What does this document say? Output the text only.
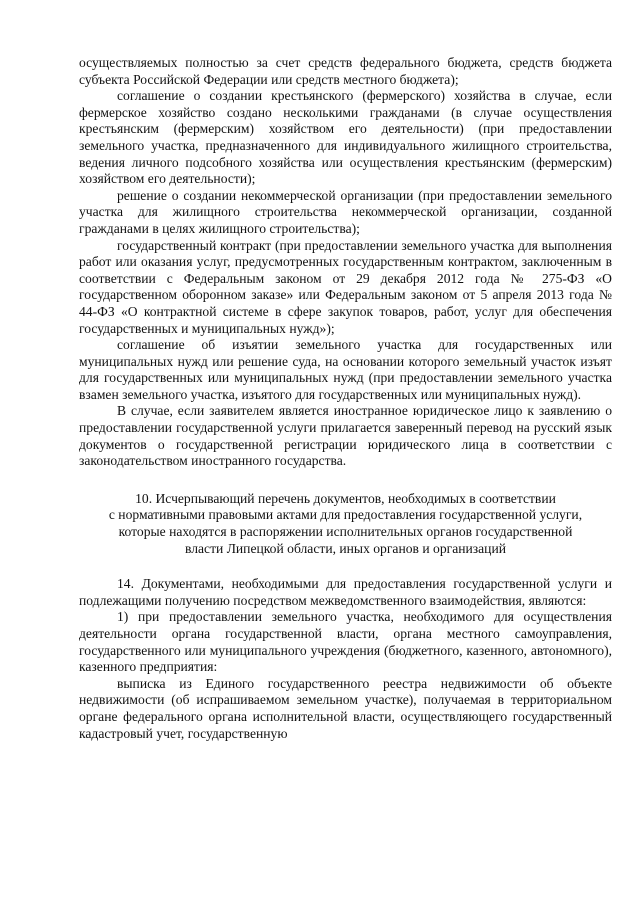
осуществляемых полностью за счет средств федерального бюджета, средств бюджета субъекта Российской Федерации или средств местного бюджета);

соглашение о создании крестьянского (фермерского) хозяйства в случае, если фермерское хозяйство создано несколькими гражданами (в случае осуществления крестьянским (фермерским) хозяйством его деятельности) (при предоставлении земельного участка, предназначенного для индивидуального жилищного строительства, ведения личного подсобного хозяйства или осуществления крестьянским (фермерским) хозяйством его деятельности);

решение о создании некоммерческой организации (при предоставлении земельного участка для жилищного строительства некоммерческой организации, созданной гражданами в целях жилищного строительства);

государственный контракт (при предоставлении земельного участка для выполнения работ или оказания услуг, предусмотренных государственным контрактом, заключенным в соответствии с Федеральным законом от 29 декабря 2012 года № 275-ФЗ «О государственном оборонном заказе» или Федеральным законом от 5 апреля 2013 года № 44-ФЗ «О контрактной системе в сфере закупок товаров, работ, услуг для обеспечения государственных и муниципальных нужд»);

соглашение об изъятии земельного участка для государственных или муниципальных нужд или решение суда, на основании которого земельный участок изъят для государственных или муниципальных нужд (при предоставлении земельного участка взамен земельного участка, изъятого для государственных или муниципальных нужд).

В случае, если заявителем является иностранное юридическое лицо к заявлению о предоставлении государственной услуги прилагается заверенный перевод на русский язык документов о государственной регистрации юридического лица в соответствии с законодательством иностранного государства.

10. Исчерпывающий перечень документов, необходимых в соответствии

с нормативными правовыми актами для предоставления государственной услуги,

которые находятся в распоряжении исполнительных органов государственной

власти Липецкой области, иных органов и организаций

14. Документами, необходимыми для предоставления государственной услуги и подлежащими получению посредством межведомственного взаимодействия, являются:

1) при предоставлении земельного участка, необходимого для осуществления деятельности органа государственной власти, органа местного самоуправления, государственного или муниципального учреждения (бюджетного, казенного, автономного), казенного предприятия:

выписка из Единого государственного реестра недвижимости об объекте недвижимости (об испрашиваемом земельном участке), получаемая в территориальном органе федерального органа исполнительной власти, осуществляющего государственный кадастровый учет, государственную
